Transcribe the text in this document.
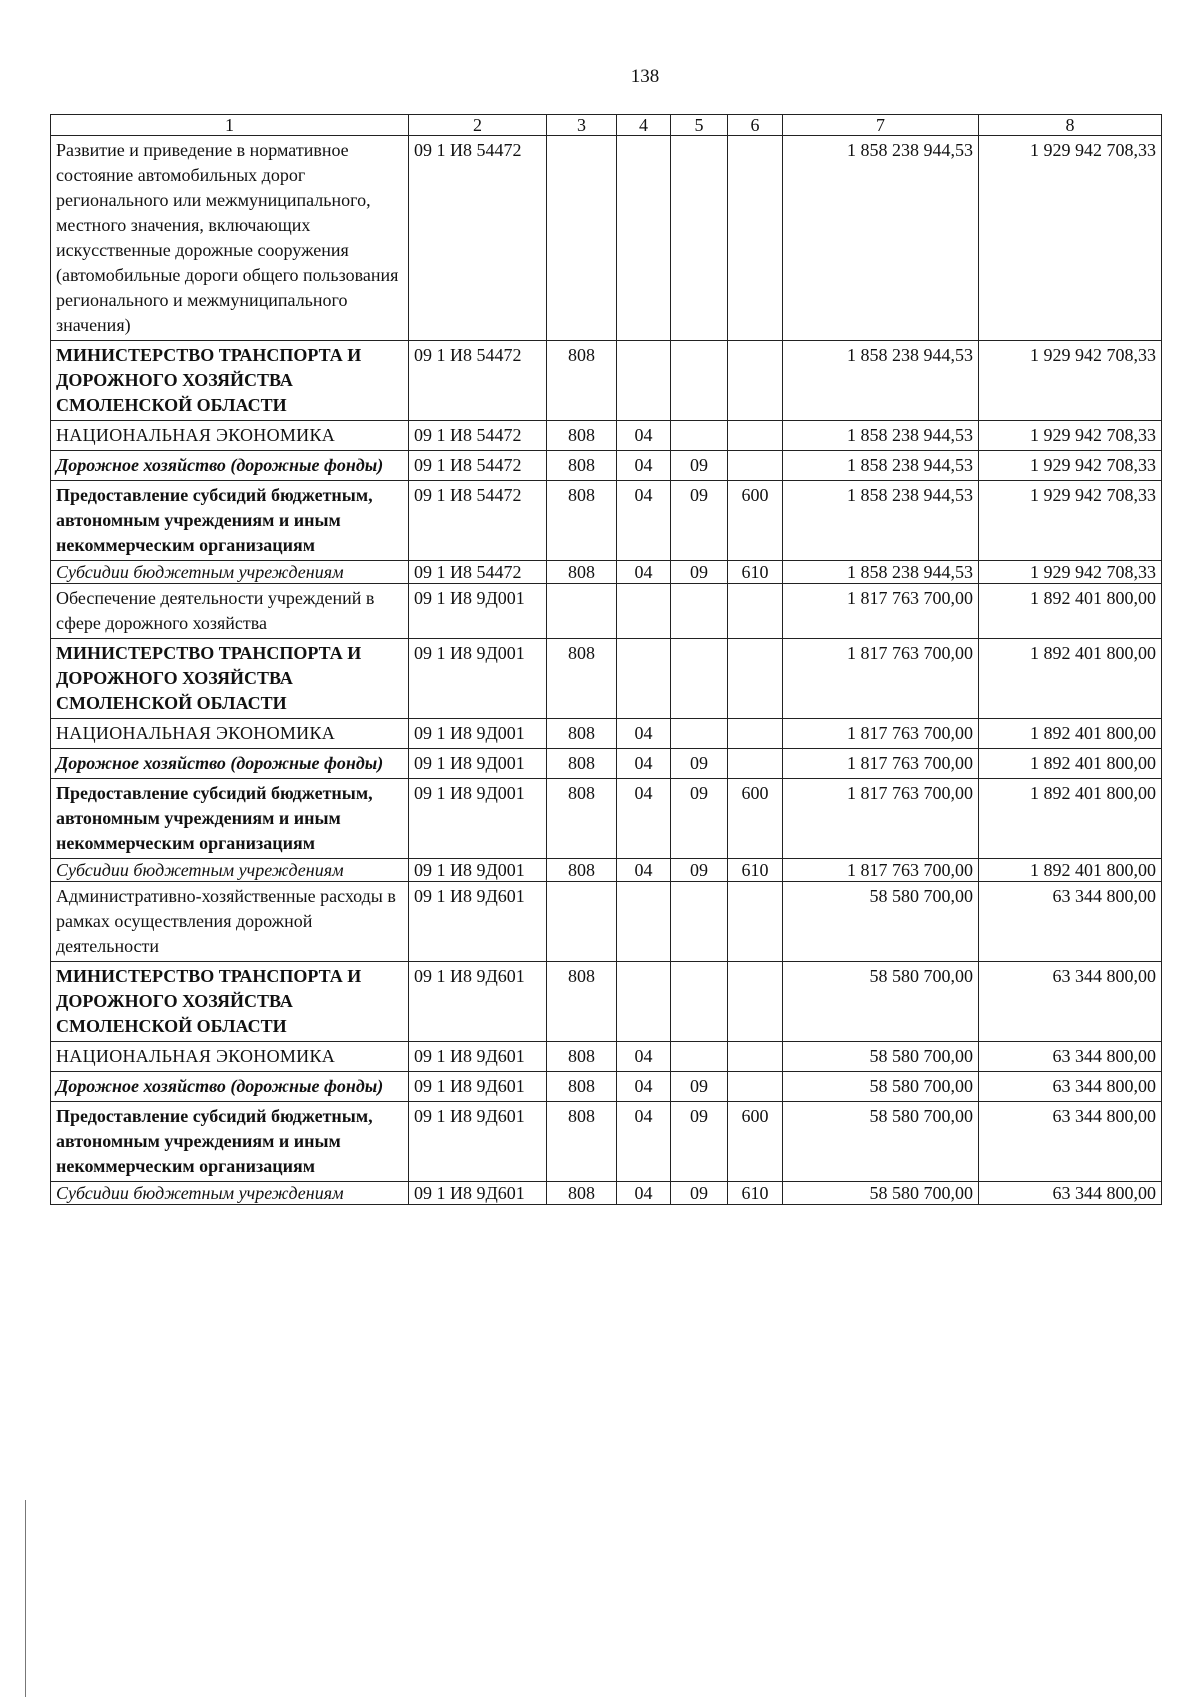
138
1	2	3	4	5	6	7	8
Развитие и приведение в нормативное состояние автомобильных дорог регионального или межмуниципального, местного значения, включающих искусственные дорожные сооружения (автомобильные дороги общего пользования регионального и межмуниципального значения)	09 1 И8 54472					1 858 238 944,53	1 929 942 708,33
МИНИСТЕРСТВО ТРАНСПОРТА И ДОРОЖНОГО ХОЗЯЙСТВА СМОЛЕНСКОЙ ОБЛАСТИ	09 1 И8 54472	808				1 858 238 944,53	1 929 942 708,33
НАЦИОНАЛЬНАЯ ЭКОНОМИКА	09 1 И8 54472	808	04			1 858 238 944,53	1 929 942 708,33
Дорожное хозяйство (дорожные фонды)	09 1 И8 54472	808	04	09		1 858 238 944,53	1 929 942 708,33
Предоставление субсидий бюджетным, автономным учреждениям и иным некоммерческим организациям	09 1 И8 54472	808	04	09	600	1 858 238 944,53	1 929 942 708,33
Субсидии бюджетным учреждениям	09 1 И8 54472	808	04	09	610	1 858 238 944,53	1 929 942 708,33
Обеспечение деятельности учреждений в сфере дорожного хозяйства	09 1 И8 9Д001					1 817 763 700,00	1 892 401 800,00
МИНИСТЕРСТВО ТРАНСПОРТА И ДОРОЖНОГО ХОЗЯЙСТВА СМОЛЕНСКОЙ ОБЛАСТИ	09 1 И8 9Д001	808				1 817 763 700,00	1 892 401 800,00
НАЦИОНАЛЬНАЯ ЭКОНОМИКА	09 1 И8 9Д001	808	04			1 817 763 700,00	1 892 401 800,00
Дорожное хозяйство (дорожные фонды)	09 1 И8 9Д001	808	04	09		1 817 763 700,00	1 892 401 800,00
Предоставление субсидий бюджетным, автономным учреждениям и иным некоммерческим организациям	09 1 И8 9Д001	808	04	09	600	1 817 763 700,00	1 892 401 800,00
Субсидии бюджетным учреждениям	09 1 И8 9Д001	808	04	09	610	1 817 763 700,00	1 892 401 800,00
Административно-хозяйственные расходы в рамках осуществления дорожной деятельности	09 1 И8 9Д601					58 580 700,00	63 344 800,00
МИНИСТЕРСТВО ТРАНСПОРТА И ДОРОЖНОГО ХОЗЯЙСТВА СМОЛЕНСКОЙ ОБЛАСТИ	09 1 И8 9Д601	808				58 580 700,00	63 344 800,00
НАЦИОНАЛЬНАЯ ЭКОНОМИКА	09 1 И8 9Д601	808	04			58 580 700,00	63 344 800,00
Дорожное хозяйство (дорожные фонды)	09 1 И8 9Д601	808	04	09		58 580 700,00	63 344 800,00
Предоставление субсидий бюджетным, автономным учреждениям и иным некоммерческим организациям	09 1 И8 9Д601	808	04	09	600	58 580 700,00	63 344 800,00
Субсидии бюджетным учреждениям	09 1 И8 9Д601	808	04	09	610	58 580 700,00	63 344 800,00
